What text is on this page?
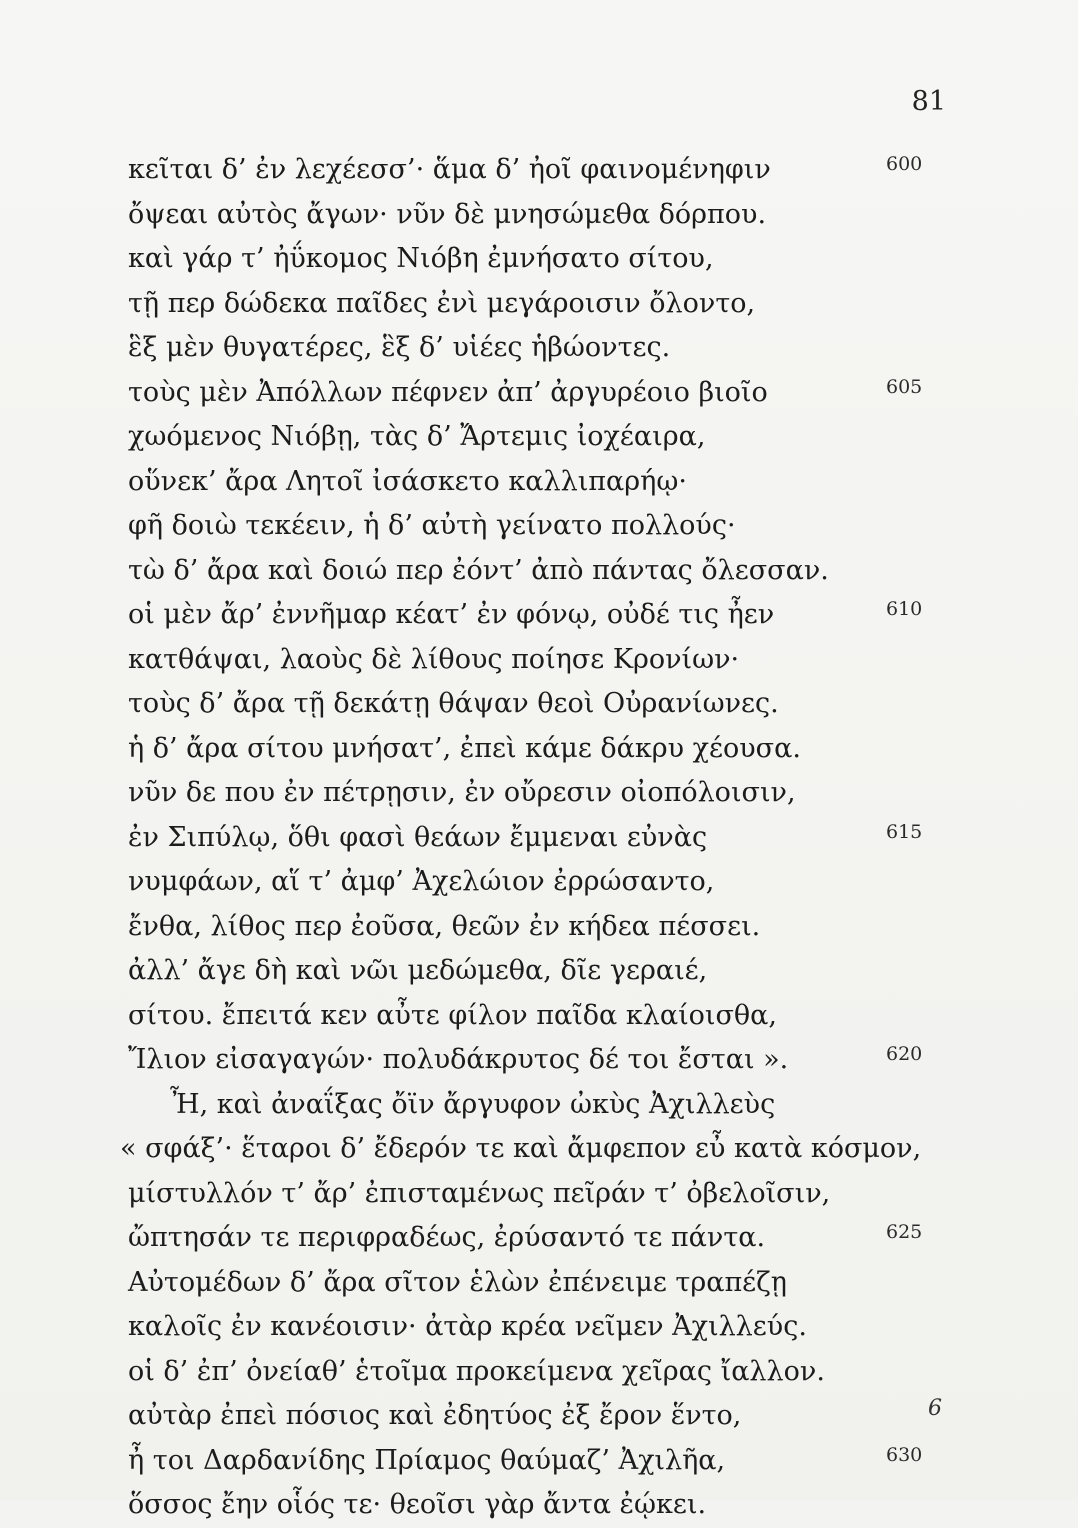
81
κεῖται δ’ ἐν λεχέεσσ’· ἅμα δ’ ἠοῖ φαινομένηφιν	600
ὄψεαι αὐτὸς ἄγων· νῦν δὲ μνησώμεθα δόρπου.
καὶ γάρ τ’ ἠΰκομος Νιόβη ἐμνήσατο σίτου,
τῇ περ δώδεκα παῖδες ἐνὶ μεγάροισιν ὄλοντο,
ἓξ μὲν θυγατέρες, ἓξ δ’ υἱέες ἡβώοντες.
τοὺς μὲν Ἀπόλλων πέφνεν ἀπ’ ἀργυρέοιο βιοῖο	605
χωόμενος Νιόβῃ, τὰς δ’ Ἄρτεμις ἰοχέαιρα,
οὕνεκ’ ἄρα Λητοῖ ἰσάσκετο καλλιπαρήῳ·
φῆ δοιὼ τεκέειν, ἡ δ’ αὐτὴ γείνατο πολλούς·
τὼ δ’ ἄρα καὶ δοιώ περ ἐόντ’ ἀπὸ πάντας ὄλεσσαν.
οἱ μὲν ἄρ’ ἐννῆμαρ κέατ’ ἐν φόνῳ, οὐδέ τις ἦεν	610
κατθάψαι, λαοὺς δὲ λίθους ποίησε Κρονίων·
τοὺς δ’ ἄρα τῇ δεκάτῃ θάψαν θεοὶ Οὐρανίωνες.
ἡ δ’ ἄρα σίτου μνήσατ’, ἐπεὶ κάμε δάκρυ χέουσα.
νῦν δε που ἐν πέτρῃσιν, ἐν οὔρεσιν οἰοπόλοισιν,
ἐν Σιπύλῳ, ὅθι φασὶ θεάων ἔμμεναι εὐνὰς	615
νυμφάων, αἵ τ’ ἀμφ’ Ἀχελώιον ἐρρώσαντο,
ἔνθα, λίθος περ ἐοῦσα, θεῶν ἐν κήδεα πέσσει.
ἀλλ’ ἄγε δὴ καὶ νῶι μεδώμεθα, δῖε γεραιέ,
σίτου. ἔπειτά κεν αὖτε φίλον παῖδα κλαίοισθα,
Ἴλιον εἰσαγαγών· πολυδάκρυτος δέ τοι ἔσται ».	620
Ἦ, καὶ ἀναΐξας ὄϊν ἄργυφον ὠκὺς Ἀχιλλεὺς
« σφάξ’· ἕταροι δ’ ἔδερόν τε καὶ ἄμφεπον εὖ κατὰ κόσμον,
μίστυλλόν τ’ ἄρ’ ἐπισταμένως πεῖράν τ’ ὀβελοῖσιν,
ὤπτησάν τε περιφραδέως, ἐρύσαντό τε πάντα.	625
Αὐτομέδων δ’ ἄρα σῖτον ἑλὼν ἐπένειμε τραπέζῃ
καλοῖς ἐν κανέοισιν· ἀτὰρ κρέα νεῖμεν Ἀχιλλεύς.
οἱ δ’ ἐπ’ ὀνείαθ’ ἑτοῖμα προκείμενα χεῖρας ἴαλλον.
αὐτὰρ ἐπεὶ πόσιος καὶ ἐδητύος ἐξ ἔρον ἕντο,
ἦ τοι Δαρδανίδης Πρίαμος θαύμαζ’ Ἀχιλῆα,	630
ὅσσος ἔην οἷός τε· θεοῖσι γὰρ ἄντα ἐῴκει.
6
